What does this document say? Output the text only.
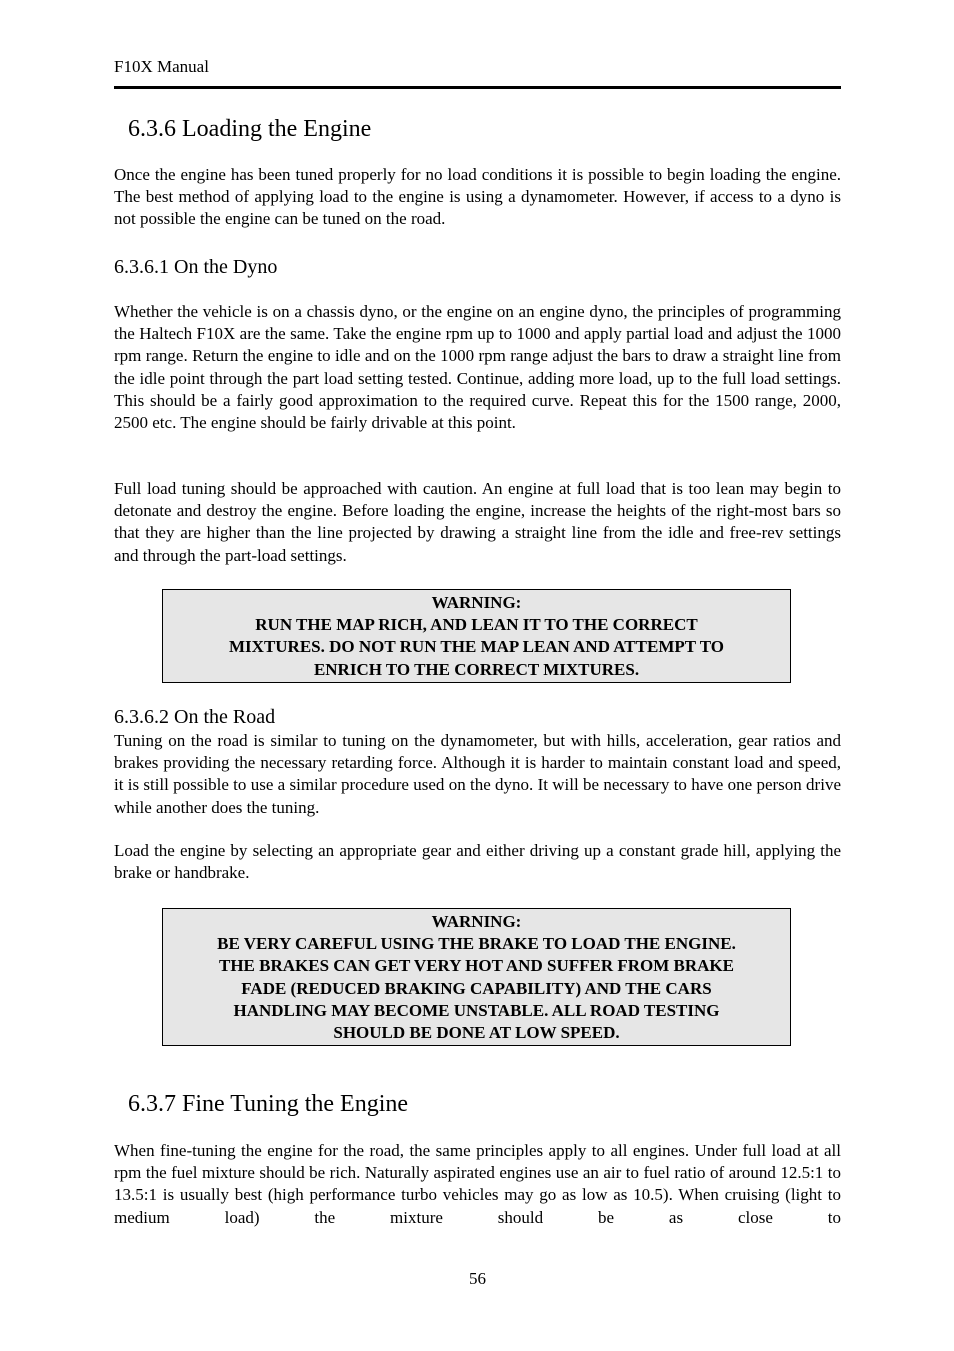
F10X Manual
6.3.6 Loading the Engine
Once the engine has been tuned properly for no load conditions it is possible to begin loading the engine. The best method of applying load to the engine is using a dynamometer. However, if access to a dyno is not possible the engine can be tuned on the road.
6.3.6.1 On the Dyno
Whether the vehicle is on a chassis dyno, or the engine on an engine dyno, the principles of programming the Haltech F10X are the same. Take the engine rpm up to 1000 and apply partial load and adjust the 1000 rpm range. Return the engine to idle and on the 1000 rpm range adjust the bars to draw a straight line from the idle point through the part load setting tested. Continue, adding more load, up to the full load settings. This should be a fairly good approximation to the required curve. Repeat this for the 1500 range, 2000, 2500 etc. The engine should be fairly drivable at this point.
Full load tuning should be approached with caution. An engine at full load that is too lean may begin to detonate and destroy the engine. Before loading the engine, increase the heights of the right-most bars so that they are higher than the line projected by drawing a straight line from the idle and free-rev settings and through the part-load settings.
WARNING:
RUN THE MAP RICH, AND LEAN IT TO THE CORRECT
MIXTURES. DO NOT RUN THE MAP LEAN AND ATTEMPT TO
ENRICH TO THE CORRECT MIXTURES.
6.3.6.2 On the Road
Tuning on the road is similar to tuning on the dynamometer, but with hills, acceleration, gear ratios and brakes providing the necessary retarding force. Although it is harder to maintain constant load and speed, it is still possible to use a similar procedure used on the dyno. It will be necessary to have one person drive while another does the tuning.
Load the engine by selecting an appropriate gear and either driving up a constant grade hill, applying the brake or handbrake.
WARNING:
BE VERY CAREFUL USING THE BRAKE TO LOAD THE ENGINE.
THE BRAKES CAN GET VERY HOT AND SUFFER FROM BRAKE
FADE (REDUCED BRAKING CAPABILITY) AND THE CARS
HANDLING MAY BECOME UNSTABLE. ALL ROAD TESTING
SHOULD BE DONE AT LOW SPEED.
6.3.7 Fine Tuning the Engine
When fine-tuning the engine for the road, the same principles apply to all engines. Under full load at all rpm the fuel mixture should be rich. Naturally aspirated engines use an air to fuel ratio of around 12.5:1 to 13.5:1 is usually best (high performance turbo vehicles may go as low as 10.5). When cruising (light to medium load) the mixture should be as close to
56
